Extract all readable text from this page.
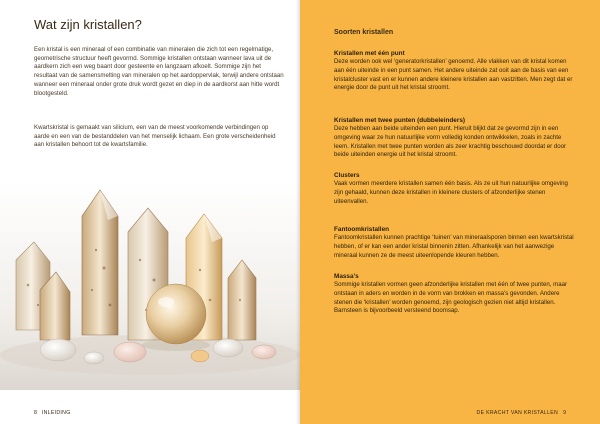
Wat zijn kristallen?

Een kristal is een mineraal of een combinatie van mineralen die zich tot een regelmatige, geometrische structuur heeft gevormd. Sommige kristallen ontstaan wanneer lava uit de aardkern zich een weg baant door gesteente en langzaam afkoelt. Sommige zijn het resultaat van de samensmelting van mineralen op het aardoppervlak, terwijl andere ontstaan wanneer een mineraal onder grote druk wordt gezet en diep in de aardkorst aan hitte wordt blootgesteld.

Kwartskristal is gemaakt van silicium, een van de meest voorkomende verbindingen op aarde en een van de bestanddelen van het menselijk lichaam. Een grote verscheidenheid aan kristallen behoort tot de kwartsfamilie.

8 INLEIDING
Soorten kristallen
Kristallen met één punt

Deze worden ook wel ‘generatorkristallen’ genoemd. Alle vlakken van dit kristal komen aan één uiteinde in een punt samen. Het andere uiteinde zat ooit aan de basis van een kristalcluster vast en er kunnen andere kleinere kristallen aan vastzitten. Men zegt dat er energie door de punt uit het kristal stroomt.

Kristallen met twee punten (dubbeleinders)

Deze hebben aan beide uiteinden een punt. Hieruit blijkt dat ze gevormd zijn in een omgeving waar ze hun natuurlijke vorm volledig konden ontwikkelen, zoals in zachte leem. Kristallen met twee punten worden als zeer krachtig beschouwd doordat er door beide uiteinden energie uit het kristal stroomt.

Clusters

Vaak vormen meerdere kristallen samen één basis. Als ze uit hun natuurlijke omgeving zijn gehaald, kunnen deze kristallen in kleinere clusters of afzonderlijke stenen uiteenvallen.

Fantoomkristallen

Fantoomkristallen kunnen prachtige ‘tuinen’ van mineraalsporen binnen een kwartskristal hebben, of er kan een ander kristal binnenin zitten. Afhankelijk van het aanwezige mineraal kunnen ze de meest uiteenlopende kleuren hebben.

Massa’s

Sommige kristallen vormen geen afzonderlijke kristallen met één of twee punten, maar ontstaan in aders en worden in de vorm van brokken en massa’s gevonden. Andere stenen die ‘kristallen’ worden genoemd, zijn geologisch gezien niet altijd kristallen. Barnsteen is bijvoorbeeld versteend boomsap.

DE KRACHT VAN KRISTALLEN 9
